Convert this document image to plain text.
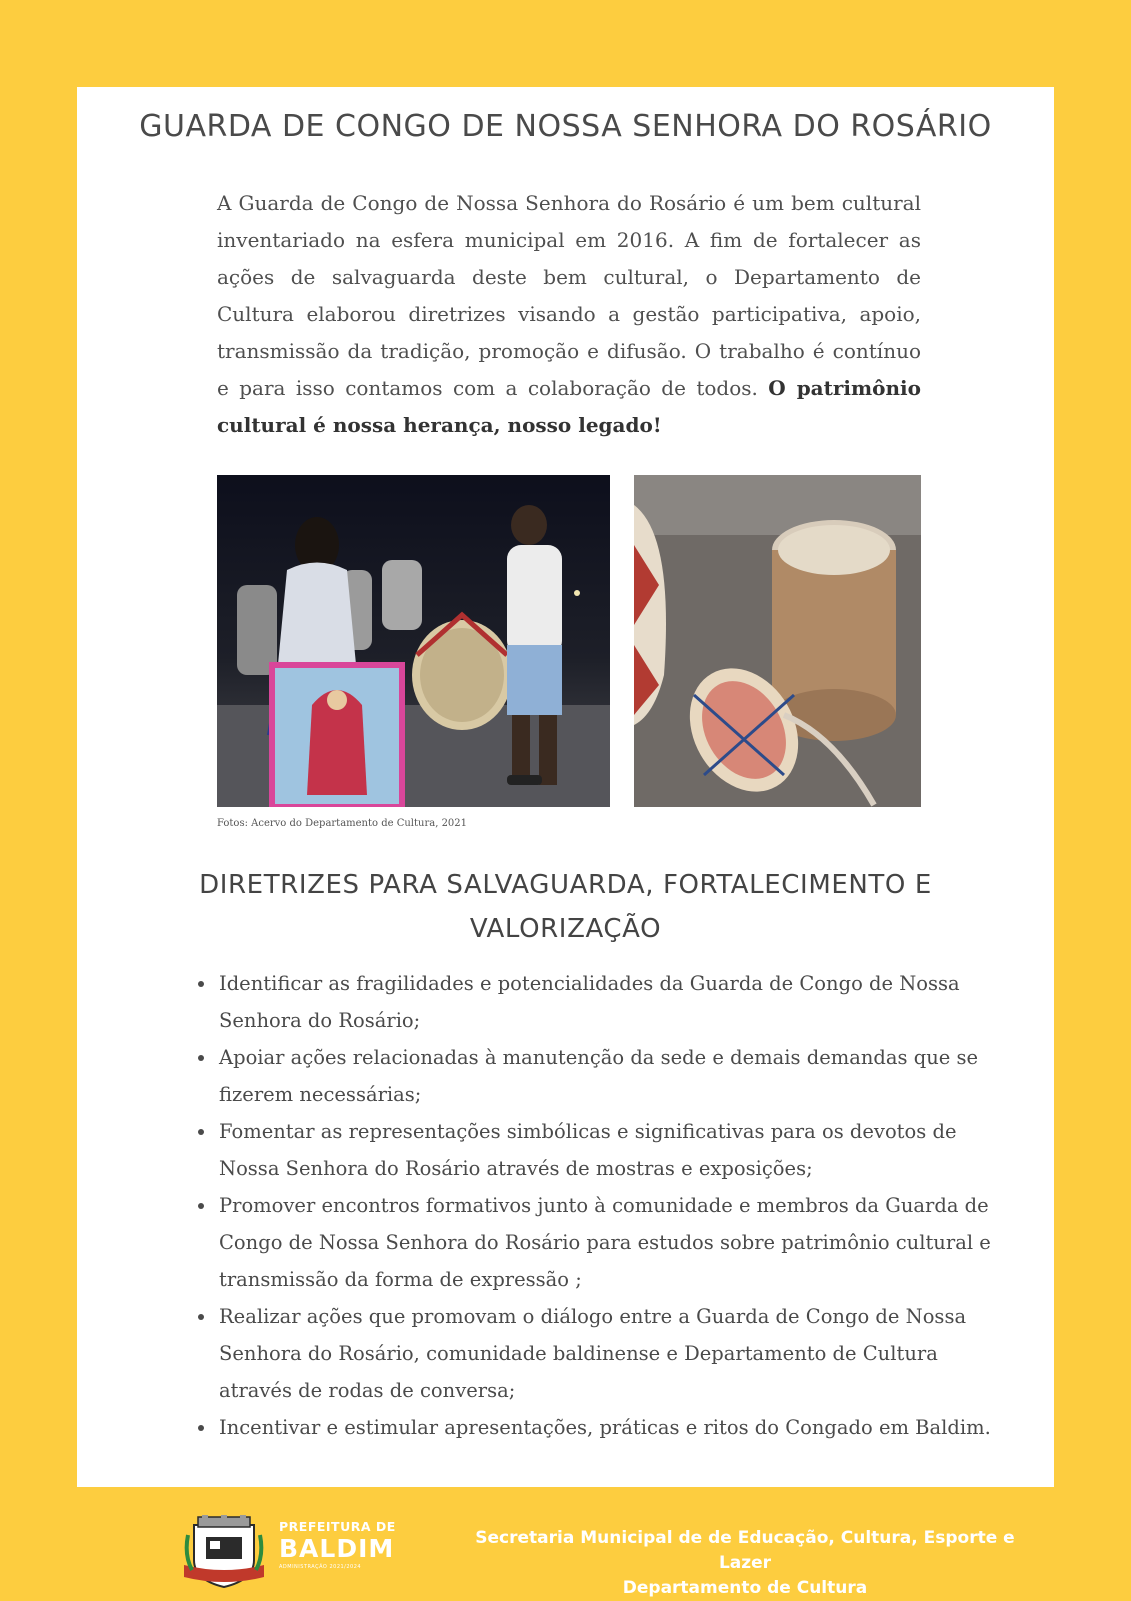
GUARDA DE CONGO DE NOSSA SENHORA DO ROSÁRIO

A Guarda de Congo de Nossa Senhora do Rosário é um bem cultural inventariado na esfera municipal em 2016. A fim de fortalecer as ações de salvaguarda deste bem cultural, o Departamento de Cultura elaborou diretrizes visando a gestão participativa, apoio, transmissão da tradição, promoção e difusão. O trabalho é contínuo e para isso contamos com a colaboração de todos. O patrimônio cultural é nossa herança, nosso legado!

Fotos: Acervo do Departamento de Cultura, 2021
DIRETRIZES PARA SALVAGUARDA, FORTALECIMENTO E VALORIZAÇÃO
• Identificar as fragilidades e potencialidades da Guarda de Congo de Nossa Senhora do Rosário;
• Apoiar ações relacionadas à manutenção da sede e demais demandas que se fizerem necessárias;
• Fomentar as representações simbólicas e significativas para os devotos de Nossa Senhora do Rosário através de mostras e exposições;
• Promover encontros formativos junto à comunidade e membros da Guarda de Congo de Nossa Senhora do Rosário para estudos sobre patrimônio cultural e transmissão da forma de expressão ;
• Realizar ações que promovam o diálogo entre a Guarda de Congo de Nossa Senhora do Rosário, comunidade baldinense e Departamento de Cultura através de rodas de conversa;
• Incentivar e estimular apresentações, práticas e ritos do Congado em Baldim.
PREFEITURA DE
BALDIM
ADMINISTRAÇÃO 2021/2024
Secretaria Municipal de de Educação, Cultura, Esporte e Lazer
Departamento de Cultura
